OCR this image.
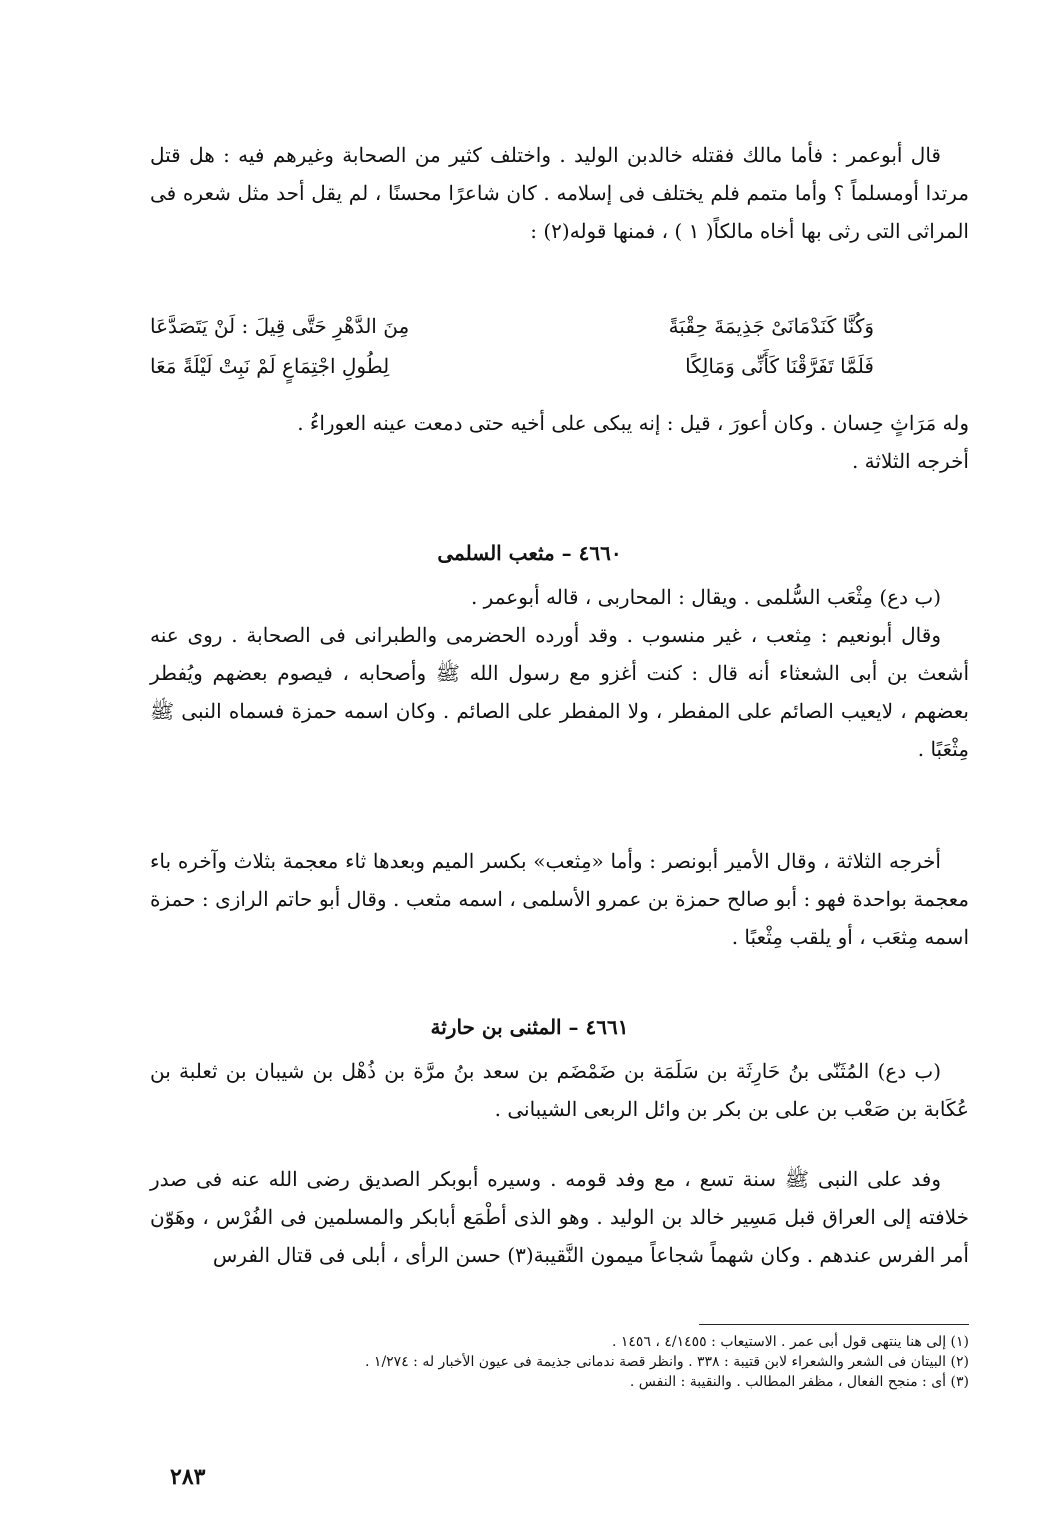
قال أبوعمر : فأما مالك فقتله خالدبن الوليد . واختلف كثير من الصحابة وغيرهم فيه : هل قتل مرتدا أومسلماً ؟ وأما متمم فلم يختلف فى إسلامه . كان شاعرًا محسنًا ، لم يقل أحد مثل شعره فى المراثى التى رثى بها أخاه مالكاً( ١ ) ، فمنها قوله(٢) :

وَكُنَّا كَنَدْمَانَىْ جَذِيمَةَ حِقْبَةً
مِنَ الدَّهْرِ حَتَّى قِيلَ : لَنْ يَتَصَدَّعَا
فَلَمَّا تَفَرَّقْنَا كَأَنِّى وَمَالِكًا
لِطُولِ اجْتِمَاعٍ لَمْ نَبِتْ لَيْلَةً مَعَا

وله مَرَاثٍ حِسان . وكان أعورَ ، قيل : إنه يبكى على أخيه حتى دمعت عينه العوراءُ .

أخرجه الثلاثة .

٤٦٦٠ – مثعب السلمى

(ب دع) مِثْعَب السُّلمى . ويقال : المحاربى ، قاله أبوعمر .

وقال أبونعيم : مِثعب ، غير منسوب . وقد أورده الحضرمى والطبرانى فى الصحابة . روى عنه أشعث بن أبى الشعثاء أنه قال : كنت أغزو مع رسول الله ﷺ وأصحابه ، فيصوم بعضهم ويُفطر بعضهم ، لايعيب الصائم على المفطر ، ولا المفطر على الصائم . وكان اسمه حمزة فسماه النبى ﷺ مِثْعَبًا .

أخرجه الثلاثة ، وقال الأمير أبونصر : وأما «مِثعب» بكسر الميم وبعدها ثاء معجمة بثلاث وآخره باء معجمة بواحدة فهو : أبو صالح حمزة بن عمرو الأسلمى ، اسمه مثعب . وقال أبو حاتم الرازى : حمزة اسمه مِثعَب ، أو يلقب مِثْعبًا .

٤٦٦١ – المثنى بن حارثة

(ب دع) المُثَنّى بنُ حَارِثَة بن سَلَمَة بن ضَمْضَم بن سعد بنُ مرَّة بن ذُهْل بن شيبان بن ثعلبة بن عُكَابة بن صَعْب بن على بن بكر بن وائل الربعى الشيبانى .

وفد على النبى ﷺ سنة تسع ، مع وفد قومه . وسيره أبوبكر الصديق رضى الله عنه فى صدر خلافته إلى العراق قبل مَسِير خالد بن الوليد . وهو الذى أطْمَع أبابكر والمسلمين فى الفُرْس ، وهَوّن أمر الفرس عندهم . وكان شهماً شجاعاً ميمون النَّقيبة(٣) حسن الرأى ، أبلى فى قتال الفرس

(١) إلى هنا ينتهى قول أبى عمر . الاستيعاب : ٤/١٤٥٥ ، ١٤٥٦ .
(٢) البيتان فى الشعر والشعراء لابن قتيبة : ٣٣٨ . وانظر قصة ندمانى جذيمة فى عيون الأخبار له : ١/٢٧٤ .
(٣) أى : منجح الفعال ، مظفر المطالب . والنقيبة : النفس .
٢٨٣
